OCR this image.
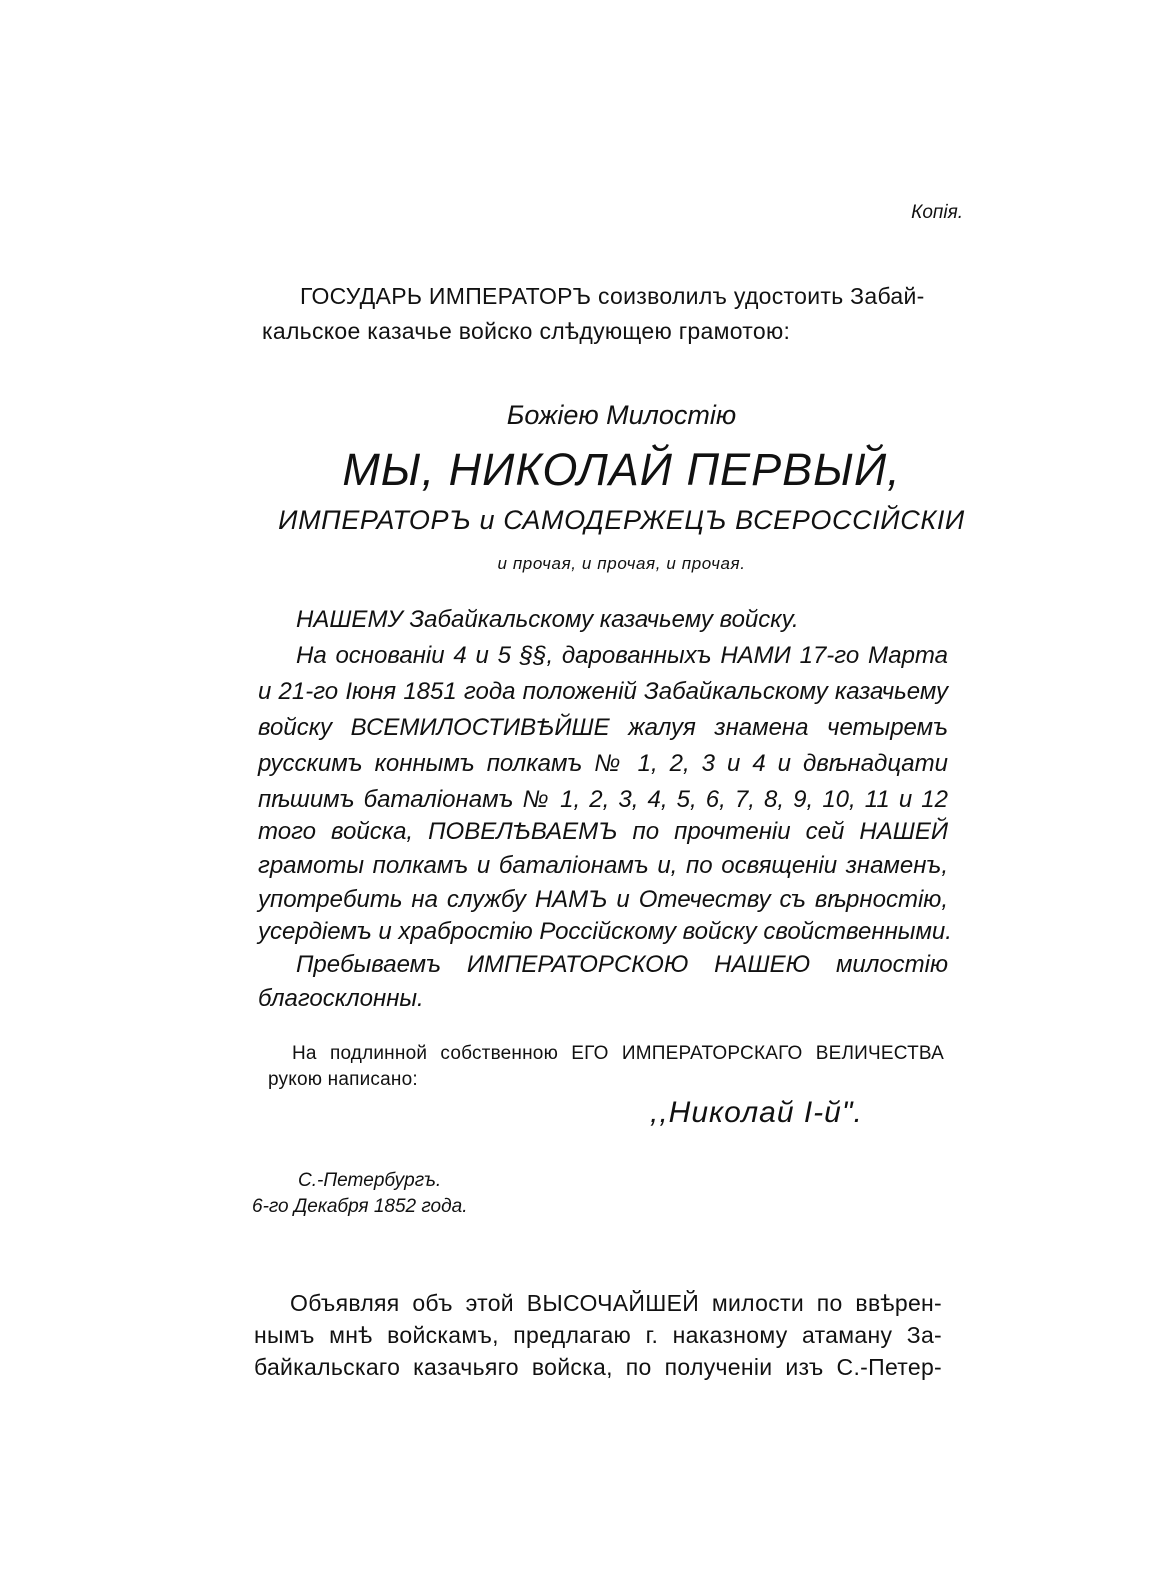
Копія.
ГОСУДАРЬ ИМПЕРАТОРЪ соизволилъ удостоить Забай-
кальское казачье войско слѣдующею грамотою:
Божіею Милостію
МЫ, НИКОЛАЙ ПЕРВЫЙ,
ИМПЕРАТОРЪ и САМОДЕРЖЕЦЪ ВСЕРОССІЙСКІИ
и прочая, и прочая, и прочая.
НАШЕМУ Забайкальскому казачьему войску.
На основаніи 4 и 5 §§, дарованныхъ НАМИ 17-го Марта
и 21-го Іюня 1851 года положеній Забайкальскому казачьему
войску ВСЕМИЛОСТИВѢЙШЕ жалуя знамена четыремъ
русскимъ коннымъ полкамъ № 1, 2, 3 и 4 и двѣнадцати
пѣшимъ баталіонамъ № 1, 2, 3, 4, 5, 6, 7, 8, 9, 10, 11 и 12
того войска, ПОВЕЛѢВАЕМЪ по прочтеніи сей НАШЕЙ
грамоты полкамъ и баталіонамъ и, по освященіи знаменъ,
употребить на службу НАМЪ и Отечеству съ вѣрностію,
усердіемъ и храбростію Россійскому войску свойственными.
Пребываемъ ИМПЕРАТОРСКОЮ НАШЕЮ милостію
благосклонны.
На подлинной собственною ЕГО ИМПЕРАТОРСКАГО ВЕЛИЧЕСТВА
рукою написано:
,,Николай І-й".
С.-Петербургъ.
6-го Декабря 1852 года.
Объявляя объ этой ВЫСОЧАЙШЕЙ милости по ввѣрен-
нымъ мнѣ войскамъ, предлагаю г. наказному атаману За-
байкальскаго казачьяго войска, по полученіи изъ С.-Петер-
